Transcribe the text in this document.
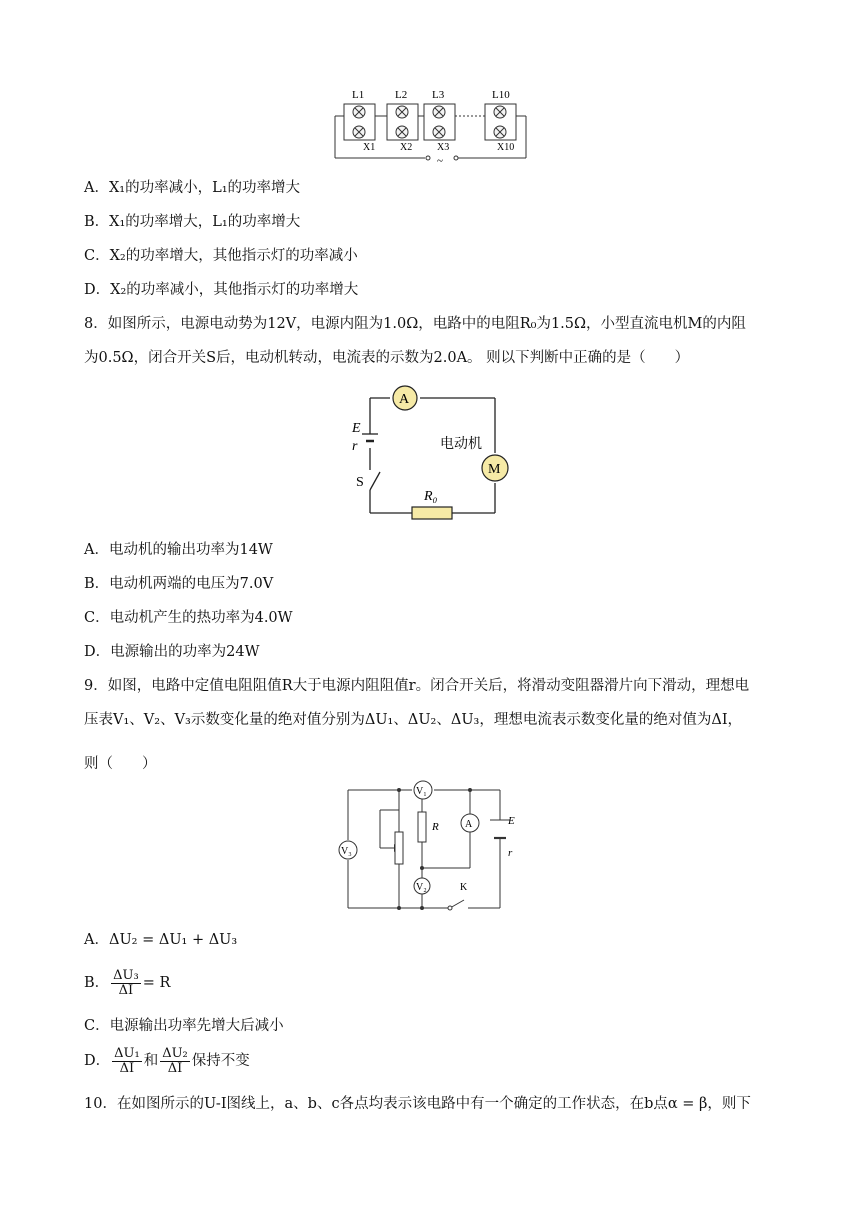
L1	L2 L3	L10
X1 X2 X3	X10
~
A．X₁的功率减小，L₁的功率增大
B．X₁的功率增大，L₁的功率增大
C．X₂的功率增大，其他指示灯的功率减小
D．X₂的功率减小，其他指示灯的功率增大
8．如图所示，电源电动势为12V，电源内阻为1.0Ω，电路中的电阻R₀为1.5Ω，小型直流电机M的内阻
为0.5Ω，闭合开关S后，电动机转动，电流表的示数为2.0A。 则以下判断中正确的是（　　）
A
M
E
r	电动机
S
R₀
A．电动机的输出功率为14W
B．电动机两端的电压为7.0V
C．电动机产生的热功率为4.0W
D．电源输出的功率为24W
9．如图，电路中定值电阻阻值R大于电源内阻阻值r。闭合开关后，将滑动变阻器滑片向下滑动，理想电
压表V₁、V₂、V₃示数变化量的绝对值分别为ΔU₁、ΔU₂、ΔU₃，理想电流表示数变化量的绝对值为ΔI，
则（　　）
V₁
V₃
V₂
A
R	E
r
K
A．ΔU₂ = ΔU₁ + ΔU₃
B． $\frac{\text{ΔU₃}}{\Delta I} = R$
C．电源输出功率先增大后减小
D． $\frac{\text{ΔU₁}}{\Delta I}$ 和 $\frac{\text{ΔU₂}}{\Delta I}$ 保持不变
10．在如图所示的U-I图线上，a、b、c各点均表示该电路中有一个确定的工作状态，在b点α = β，则下
